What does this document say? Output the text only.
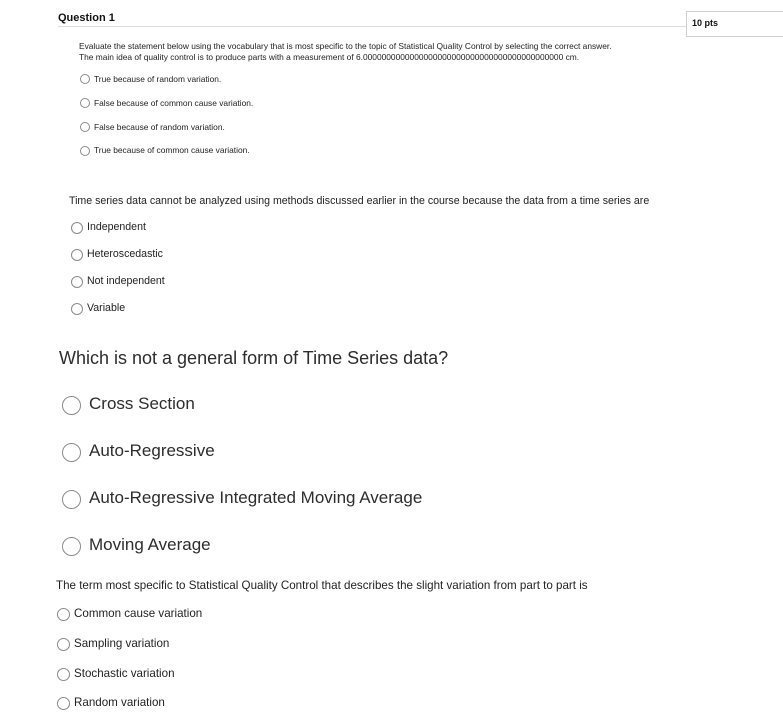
Question 1	10 pts
Evaluate the statement below using the vocabulary that is most specific to the topic of Statistical Quality Control by selecting the correct answer.
The main idea of quality control is to produce parts with a measurement of 6.0000000000000000000000000000000000000000000 cm.
True because of random variation.
False because of common cause variation.
False because of random variation.
True because of common cause variation.
Time series data cannot be analyzed using methods discussed earlier in the course because the data from a time series are
Independent
Heteroscedastic
Not independent
Variable
Which is not a general form of Time Series data?
Cross Section
Auto-Regressive
Auto-Regressive Integrated Moving Average
Moving Average
The term most specific to Statistical Quality Control that describes the slight variation from part to part is
Common cause variation
Sampling variation
Stochastic variation
Random variation
